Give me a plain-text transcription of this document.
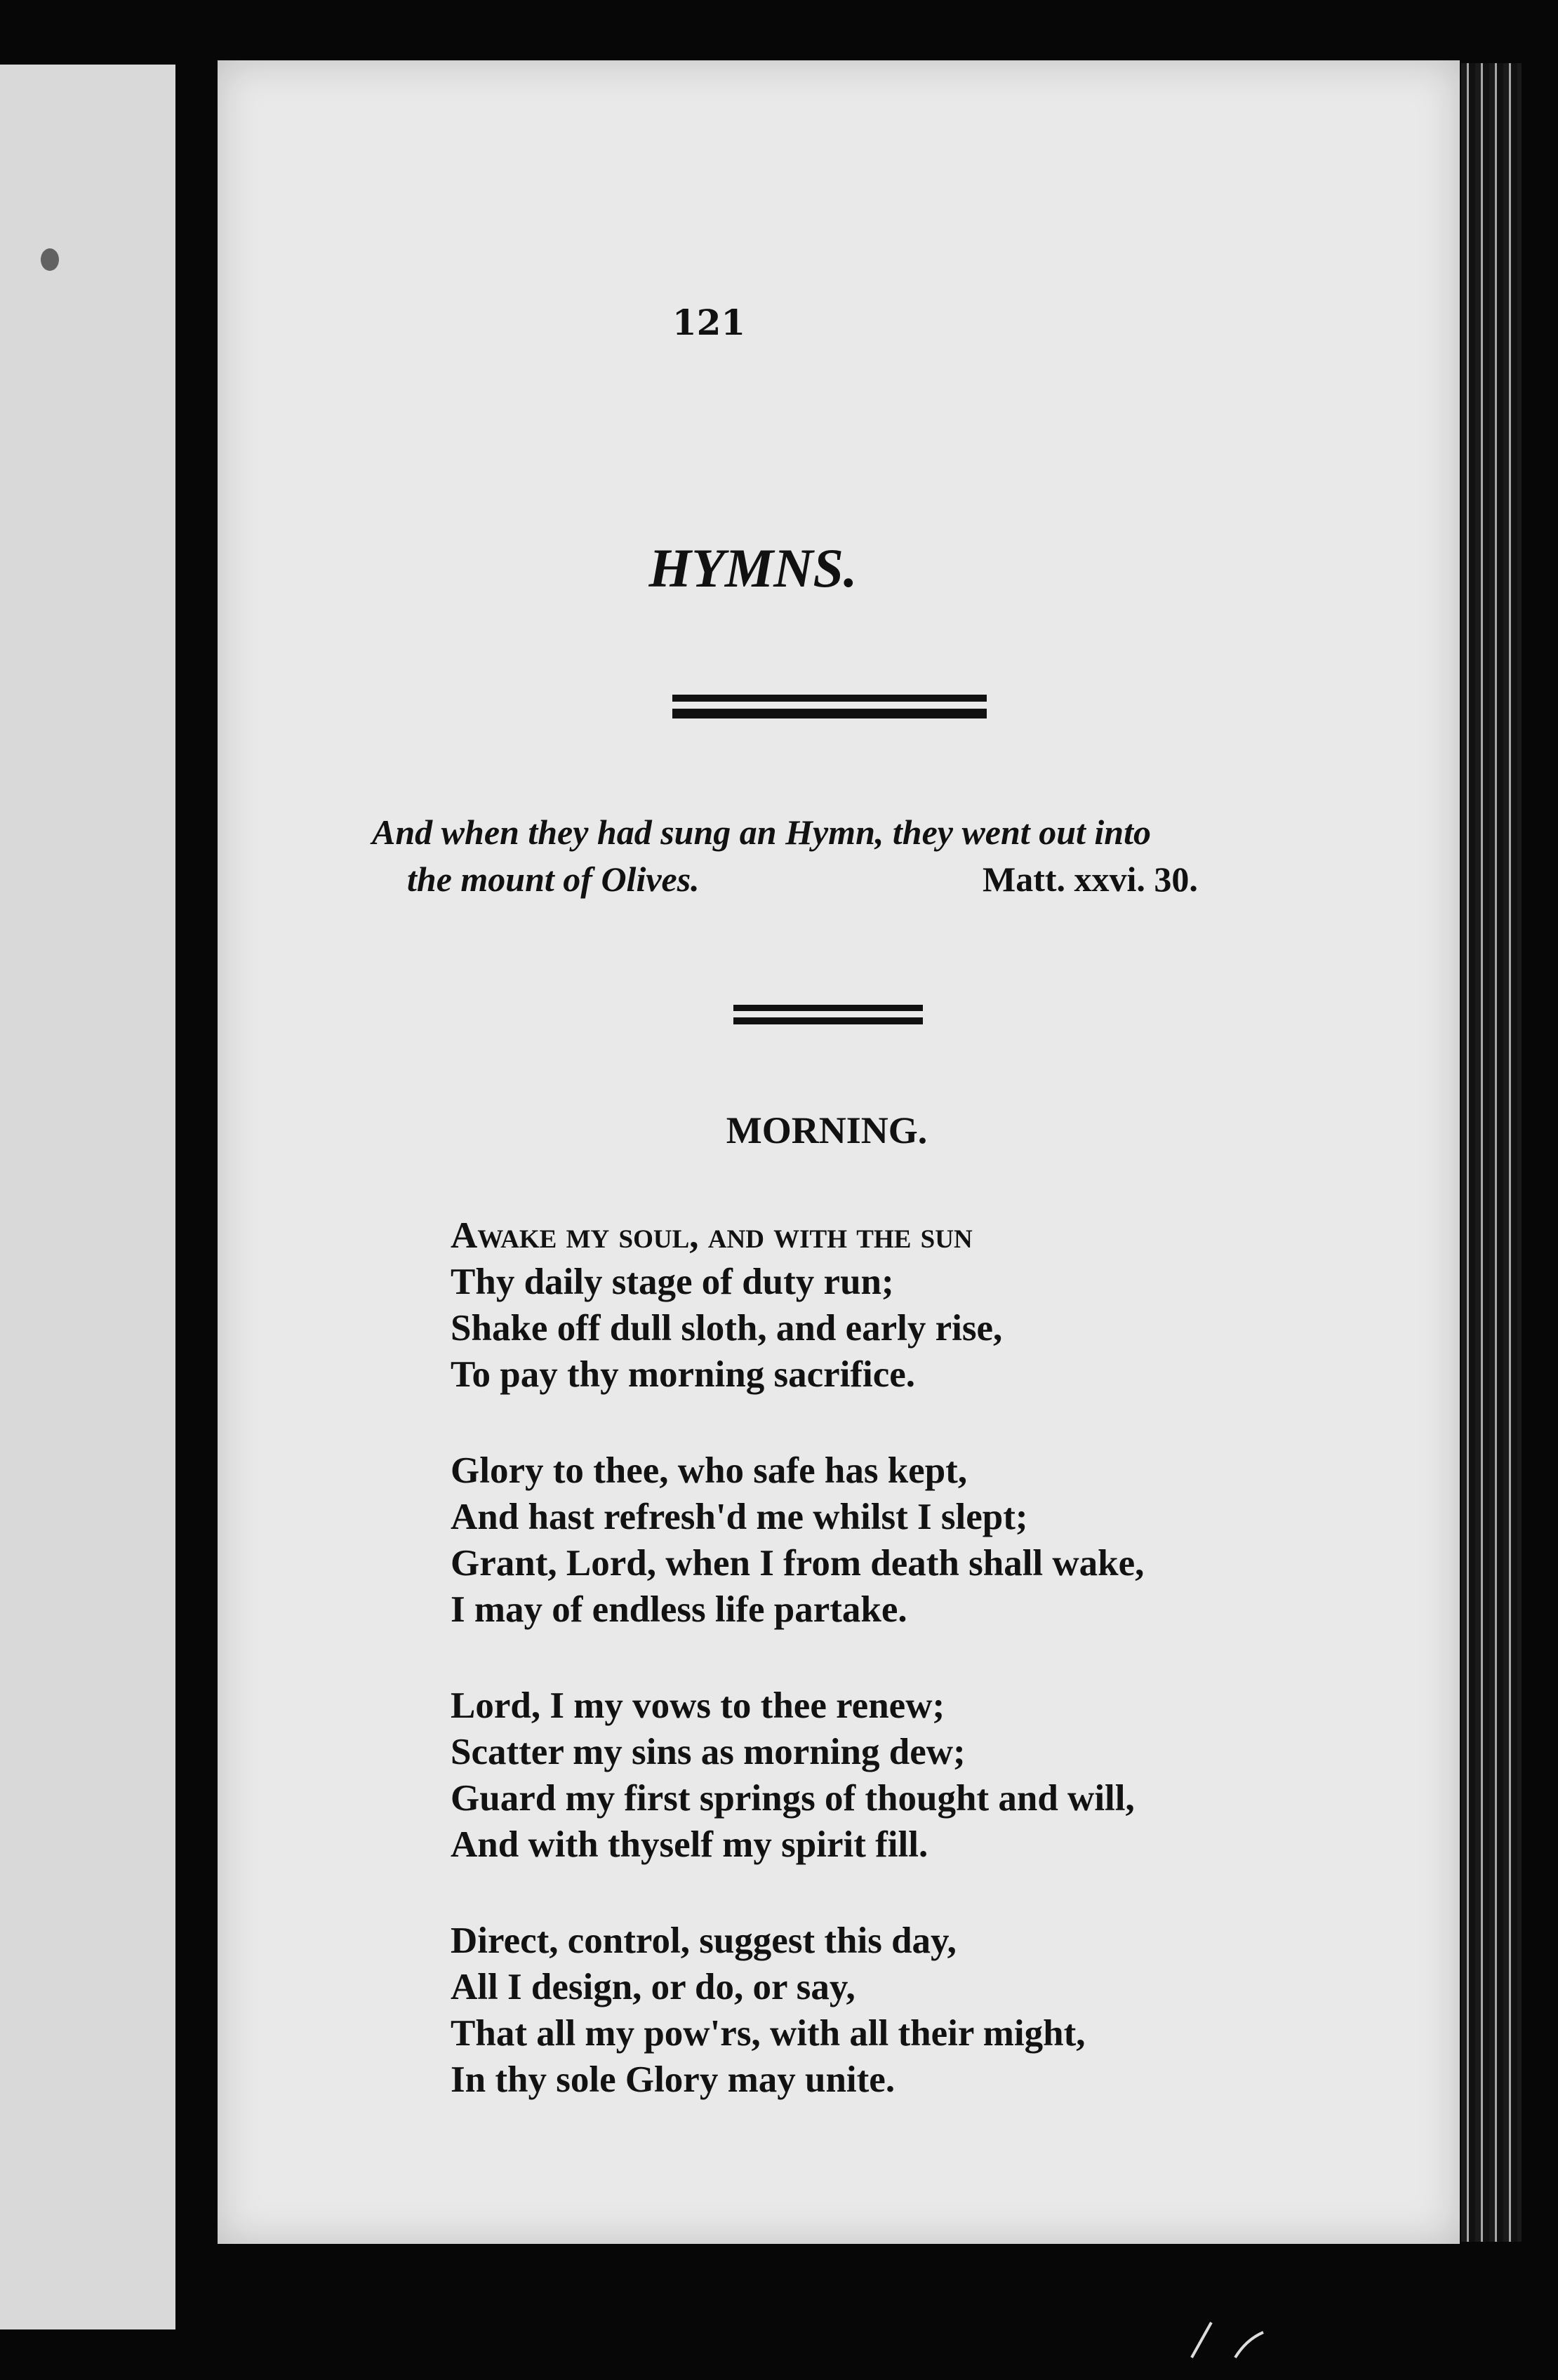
121
HYMNS.
And when they had sung an Hymn, they went out into
the mount of Olives.	Matt. xxvi. 30.
MORNING.
Awake my soul, and with the sun
Thy daily stage of duty run;
Shake off dull sloth, and early rise,
To pay thy morning sacrifice.
Glory to thee, who safe has kept,
And hast refresh'd me whilst I slept;
Grant, Lord, when I from death shall wake,
I may of endless life partake.
Lord, I my vows to thee renew;
Scatter my sins as morning dew;
Guard my first springs of thought and will,
And with thyself my spirit fill.
Direct, control, suggest this day,
All I design, or do, or say,
That all my pow'rs, with all their might,
In thy sole Glory may unite.
